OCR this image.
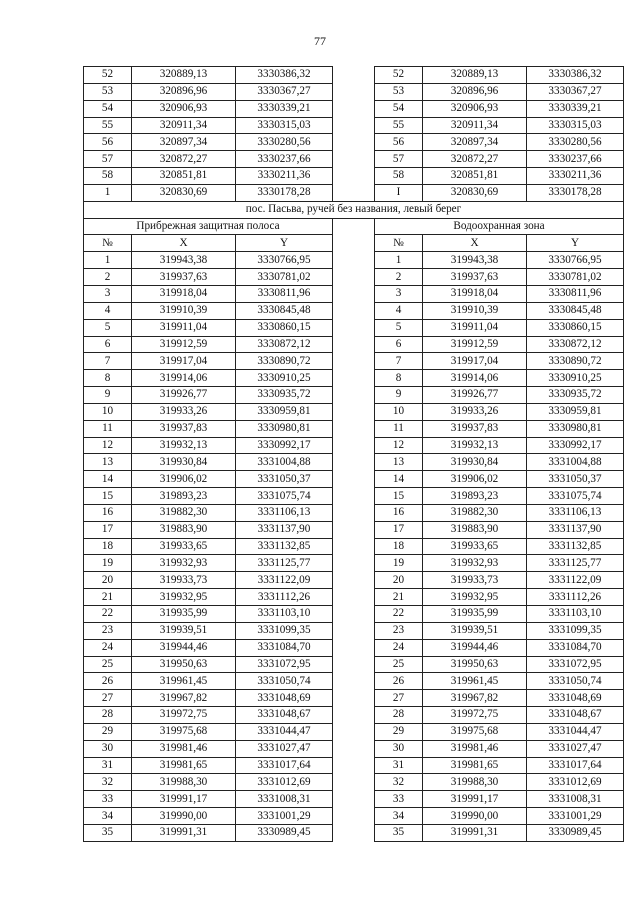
77
52	320889,13	3330386,32		52	320889,13	3330386,32
53	320896,96	3330367,27		53	320896,96	3330367,27
54	320906,93	3330339,21		54	320906,93	3330339,21
55	320911,34	3330315,03		55	320911,34	3330315,03
56	320897,34	3330280,56		56	320897,34	3330280,56
57	320872,27	3330237,66		57	320872,27	3330237,66
58	320851,81	3330211,36		58	320851,81	3330211,36
1	320830,69	3330178,28		I	320830,69	3330178,28
пос. Пасьва, ручей без названия, левый берег						
Прибрежная защитная полоса				Водоохранная зона		
№	X	Y		№	X	Y
1	319943,38	3330766,95		1	319943,38	3330766,95
2	319937,63	3330781,02		2	319937,63	3330781,02
3	319918,04	3330811,96		3	319918,04	3330811,96
4	319910,39	3330845,48		4	319910,39	3330845,48
5	319911,04	3330860,15		5	319911,04	3330860,15
6	319912,59	3330872,12		6	319912,59	3330872,12
7	319917,04	3330890,72		7	319917,04	3330890,72
8	319914,06	3330910,25		8	319914,06	3330910,25
9	319926,77	3330935,72		9	319926,77	3330935,72
10	319933,26	3330959,81		10	319933,26	3330959,81
11	319937,83	3330980,81		11	319937,83	3330980,81
12	319932,13	3330992,17		12	319932,13	3330992,17
13	319930,84	3331004,88		13	319930,84	3331004,88
14	319906,02	3331050,37		14	319906,02	3331050,37
15	319893,23	3331075,74		15	319893,23	3331075,74
16	319882,30	3331106,13		16	319882,30	3331106,13
17	319883,90	3331137,90		17	319883,90	3331137,90
18	319933,65	3331132,85		18	319933,65	3331132,85
19	319932,93	3331125,77		19	319932,93	3331125,77
20	319933,73	3331122,09		20	319933,73	3331122,09
21	319932,95	3331112,26		21	319932,95	3331112,26
22	319935,99	3331103,10		22	319935,99	3331103,10
23	319939,51	3331099,35		23	319939,51	3331099,35
24	319944,46	3331084,70		24	319944,46	3331084,70
25	319950,63	3331072,95		25	319950,63	3331072,95
26	319961,45	3331050,74		26	319961,45	3331050,74
27	319967,82	3331048,69		27	319967,82	3331048,69
28	319972,75	3331048,67		28	319972,75	3331048,67
29	319975,68	3331044,47		29	319975,68	3331044,47
30	319981,46	3331027,47		30	319981,46	3331027,47
31	319981,65	3331017,64		31	319981,65	3331017,64
32	319988,30	3331012,69		32	319988,30	3331012,69
33	319991,17	3331008,31		33	319991,17	3331008,31
34	319990,00	3331001,29		34	319990,00	3331001,29
35	319991,31	3330989,45		35	319991,31	3330989,45
